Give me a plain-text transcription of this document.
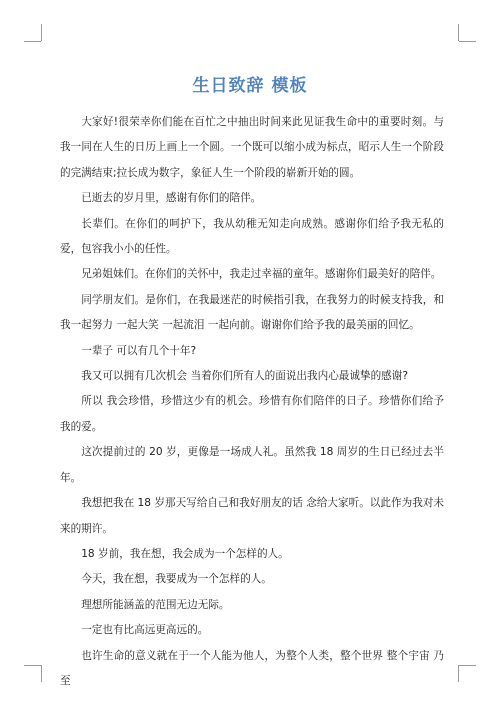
生日致辞 模板

大家好!很荣幸你们能在百忙之中抽出时间来此见证我生命中的重要时刻。与我一同在人生的日历上画上一个圆。一个既可以缩小成为标点，昭示人生一个阶段的完满结束;拉长成为数字，象征人生一个阶段的崭新开始的圆。

已逝去的岁月里，感谢有你们的陪伴。

长辈们。在你们的呵护下，我从幼稚无知走向成熟。感谢你们给予我无私的爱，包容我小小的任性。

兄弟姐妹们。在你们的关怀中，我走过幸福的童年。感谢你们最美好的陪伴。

同学朋友们。是你们，在我最迷茫的时候指引我，在我努力的时候支持我，和我一起努力 一起大笑 一起流泪 一起向前。谢谢你们给予我的最美丽的回忆。

一辈子 可以有几个十年?

我又可以拥有几次机会 当着你们所有人的面说出我内心最诚挚的感谢?

所以 我会珍惜，珍惜这少有的机会。珍惜有你们陪伴的日子。珍惜你们给予我的爱。

这次提前过的 20 岁，更像是一场成人礼。虽然我 18 周岁的生日已经过去半年。

我想把我在 18 岁那天写给自己和我好朋友的话 念给大家听。以此作为我对未来的期许。

18 岁前，我在想，我会成为一个怎样的人。

今天，我在想，我要成为一个怎样的人。

理想所能涵盖的范围无边无际。

一定也有比高远更高远的。

也许生命的意义就在于一个人能为他人，为整个人类，整个世界 整个宇宙 乃至
